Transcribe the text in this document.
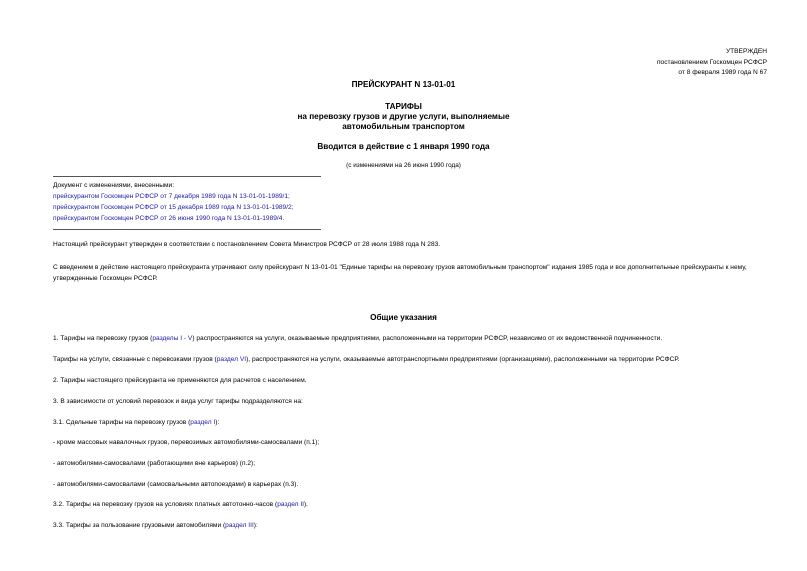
УТВЕРЖДЕН
постановлением Госкомцен РСФСР
от 8 февраля 1989 года N 67
ПРЕЙСКУРАНТ N 13-01-01
ТАРИФЫ
на перевозку грузов и другие услуги, выполняемые
автомобильным транспортом
Вводится в действие с 1 января 1990 года
(с изменениями на 26 июня 1990 года)
Документ с изменениями, внесенными:
прейскурантом Госкомцен РСФСР от 7 декабря 1989 года N 13-01-01-1989/1;
прейскурантом Госкомцен РСФСР от 15 декабря 1989 года N 13-01-01-1989/2;
прейскурантом Госкомцен РСФСР от 26 июня 1990 года N 13-01-01-1989/4.
Настоящий прейскурант утвержден в соответствии с постановлением Совета Министров РСФСР от 28 июля 1988 года N 283.
С введением в действие настоящего прейскуранта утрачивают силу прейскурант N 13-01-01 "Единые тарифы на перевозку грузов автомобильным транспортом" издания 1985 года и все дополнительные прейскуранты к нему, утвержденные Госкомцен РСФСР.
Общие указания
1. Тарифы на перевозку грузов (разделы I - V) распространяются на услуги, оказываемые предприятиями, расположенными на территории РСФСР, независимо от их ведомственной подчиненности.
Тарифы на услуги, связанные с перевозками грузов (раздел VI), распространяются на услуги, оказываемые автотранспортными предприятиями (организациями), расположенными на территории РСФСР.
2. Тарифы настоящего прейскуранта не применяются для расчетов с населением.
3. В зависимости от условий перевозок и вида услуг тарифы подразделяются на:
3.1. Сдельные тарифы на перевозку грузов (раздел I):
- кроме массовых навалочных грузов, перевозимых автомобилями-самосвалами (п.1);
- автомобилями-самосвалами (работающими вне карьеров) (п.2);
- автомобилями-самосвалами (самосвальными автопоездами) в карьерах (п.3).
3.2. Тарифы на перевозку грузов на условиях платных автотонно-часов (раздел II).
3.3. Тарифы за пользование грузовыми автомобилями (раздел III):
